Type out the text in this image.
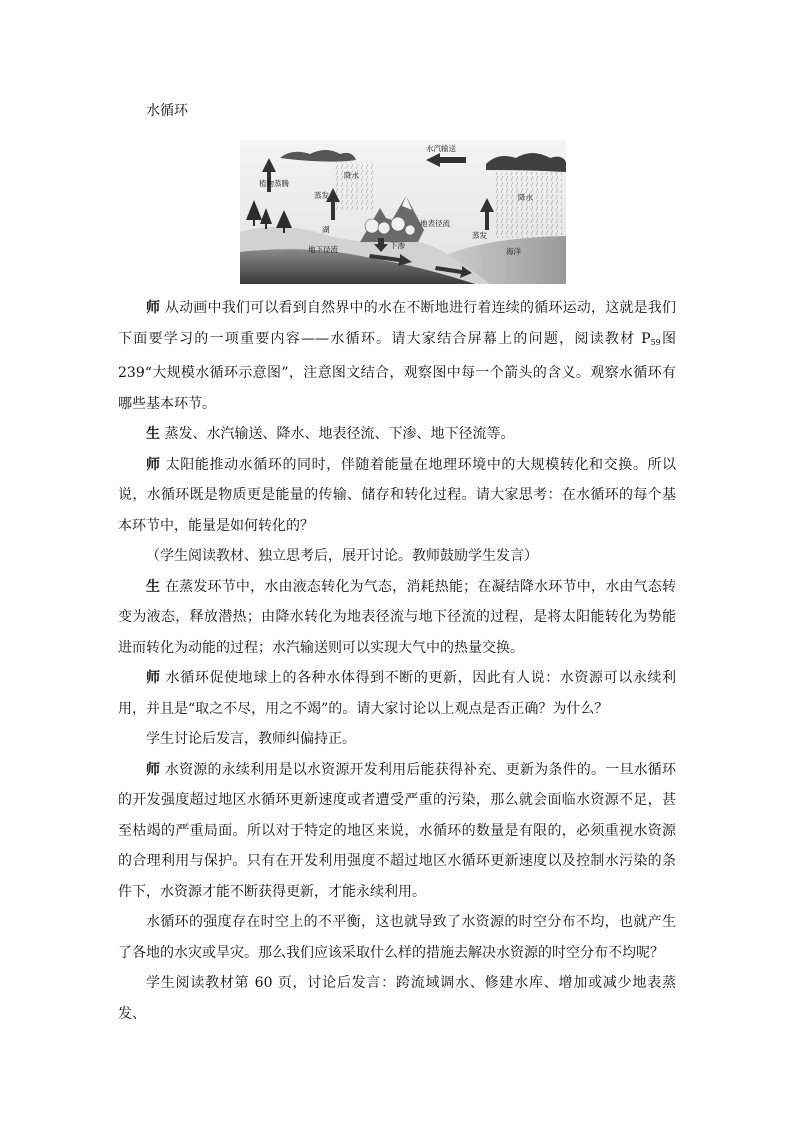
水循环
水汽输送
植物蒸腾
蒸发
降水
降水
湖
地表径流
下渗
地下径流
蒸发
海洋

师 从动画中我们可以看到自然界中的水在不断地进行着连续的循环运动，这就是我们下面要学习的一项重要内容——水循环。请大家结合屏幕上的问题，阅读教材 $P_{59}$图 239“大规模水循环示意图”，注意图文结合，观察图中每一个箭头的含义。观察水循环有哪些基本环节。

生 蒸发、水汽输送、降水、地表径流、下渗、地下径流等。

师 太阳能推动水循环的同时，伴随着能量在地理环境中的大规模转化和交换。所以说，水循环既是物质更是能量的传输、储存和转化过程。请大家思考：在水循环的每个基本环节中，能量是如何转化的？

（学生阅读教材、独立思考后，展开讨论。教师鼓励学生发言）

生 在蒸发环节中，水由液态转化为气态，消耗热能；在凝结降水环节中，水由气态转变为液态，释放潜热；由降水转化为地表径流与地下径流的过程，是将太阳能转化为势能进而转化为动能的过程；水汽输送则可以实现大气中的热量交换。

师 水循环促使地球上的各种水体得到不断的更新，因此有人说：水资源可以永续利用，并且是“取之不尽，用之不竭”的。请大家讨论以上观点是否正确？为什么？

学生讨论后发言，教师纠偏持正。

师 水资源的永续利用是以水资源开发利用后能获得补充、更新为条件的。一旦水循环的开发强度超过地区水循环更新速度或者遭受严重的污染，那么就会面临水资源不足，甚至枯竭的严重局面。所以对于特定的地区来说，水循环的数量是有限的，必须重视水资源的合理利用与保护。只有在开发利用强度不超过地区水循环更新速度以及控制水污染的条件下，水资源才能不断获得更新，才能永续利用。

水循环的强度存在时空上的不平衡，这也就导致了水资源的时空分布不均，也就产生了各地的水灾或旱灾。那么我们应该采取什么样的措施去解决水资源的时空分布不均呢？

学生阅读教材第 60 页，讨论后发言：跨流域调水、修建水库、增加或减少地表蒸发、
